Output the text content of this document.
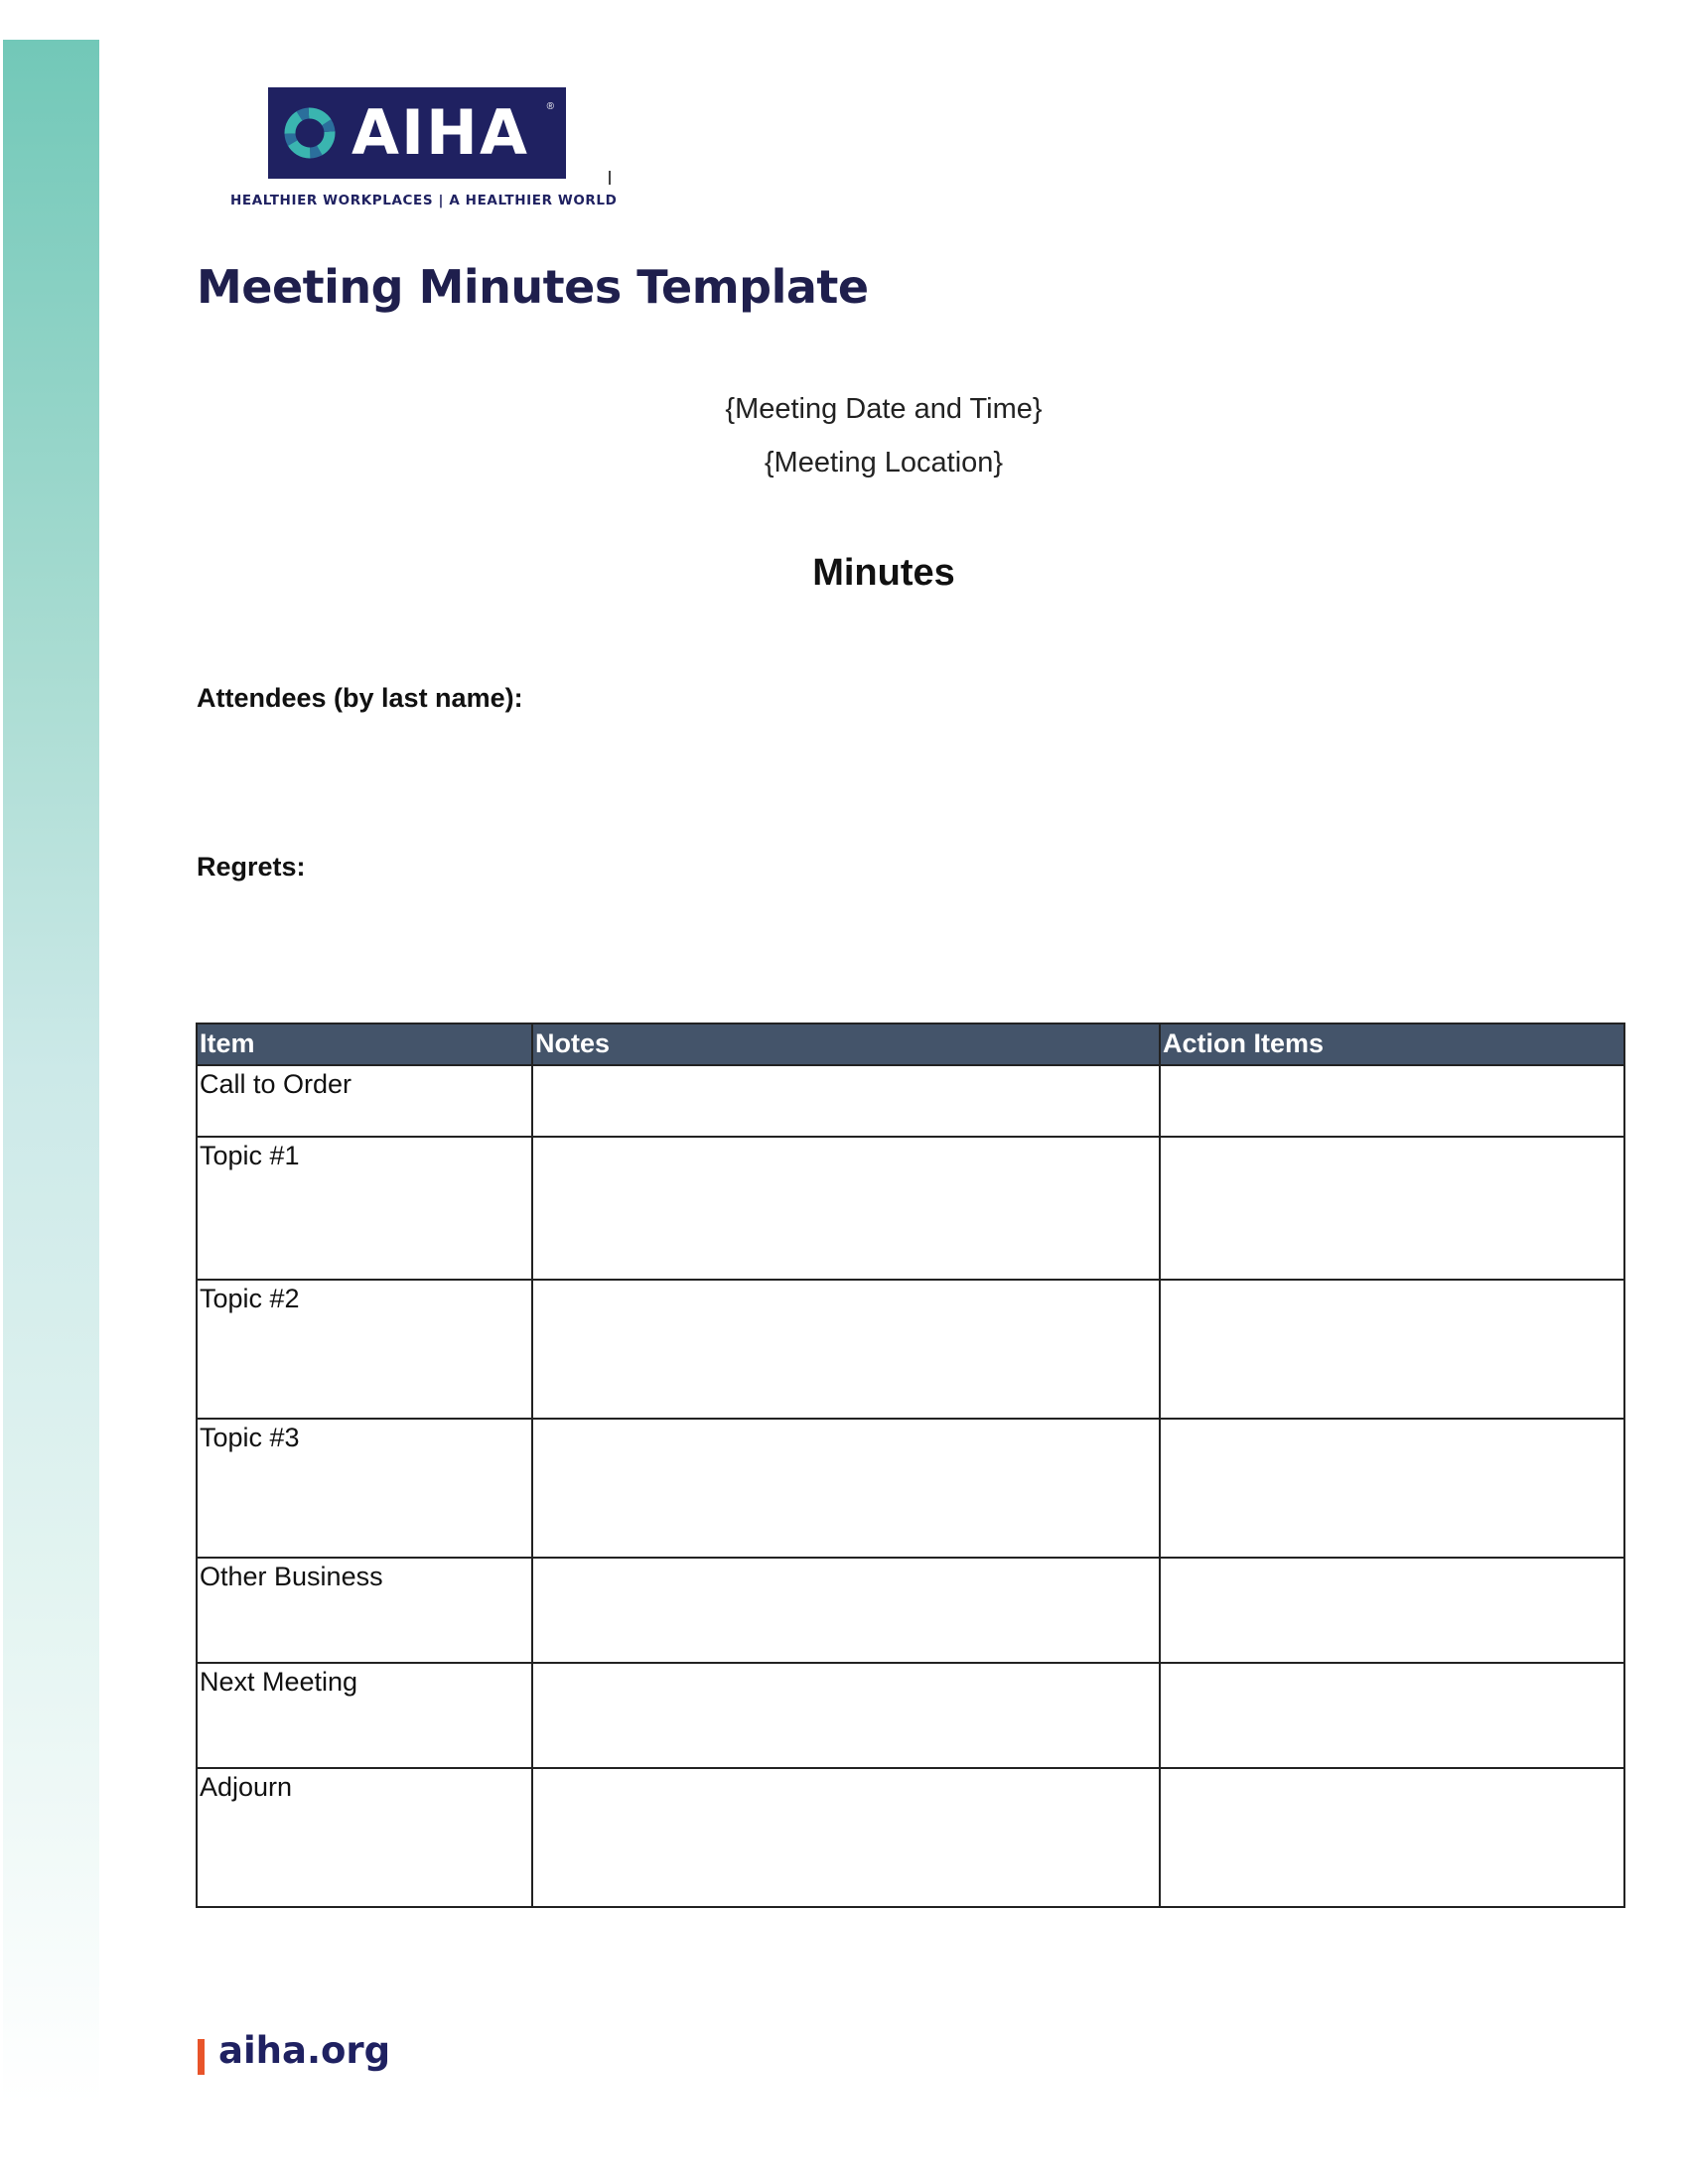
AIHA ®
HEALTHIER WORKPLACES | A HEALTHIER WORLD
Meeting Minutes Template
{Meeting Date and Time}
{Meeting Location}
Minutes
Attendees (by last name):
Regrets:
Item	Notes	Action Items
Call to Order		
Topic #1		
Topic #2		
Topic #3		
Other Business		
Next Meeting		
Adjourn		
aiha.org
